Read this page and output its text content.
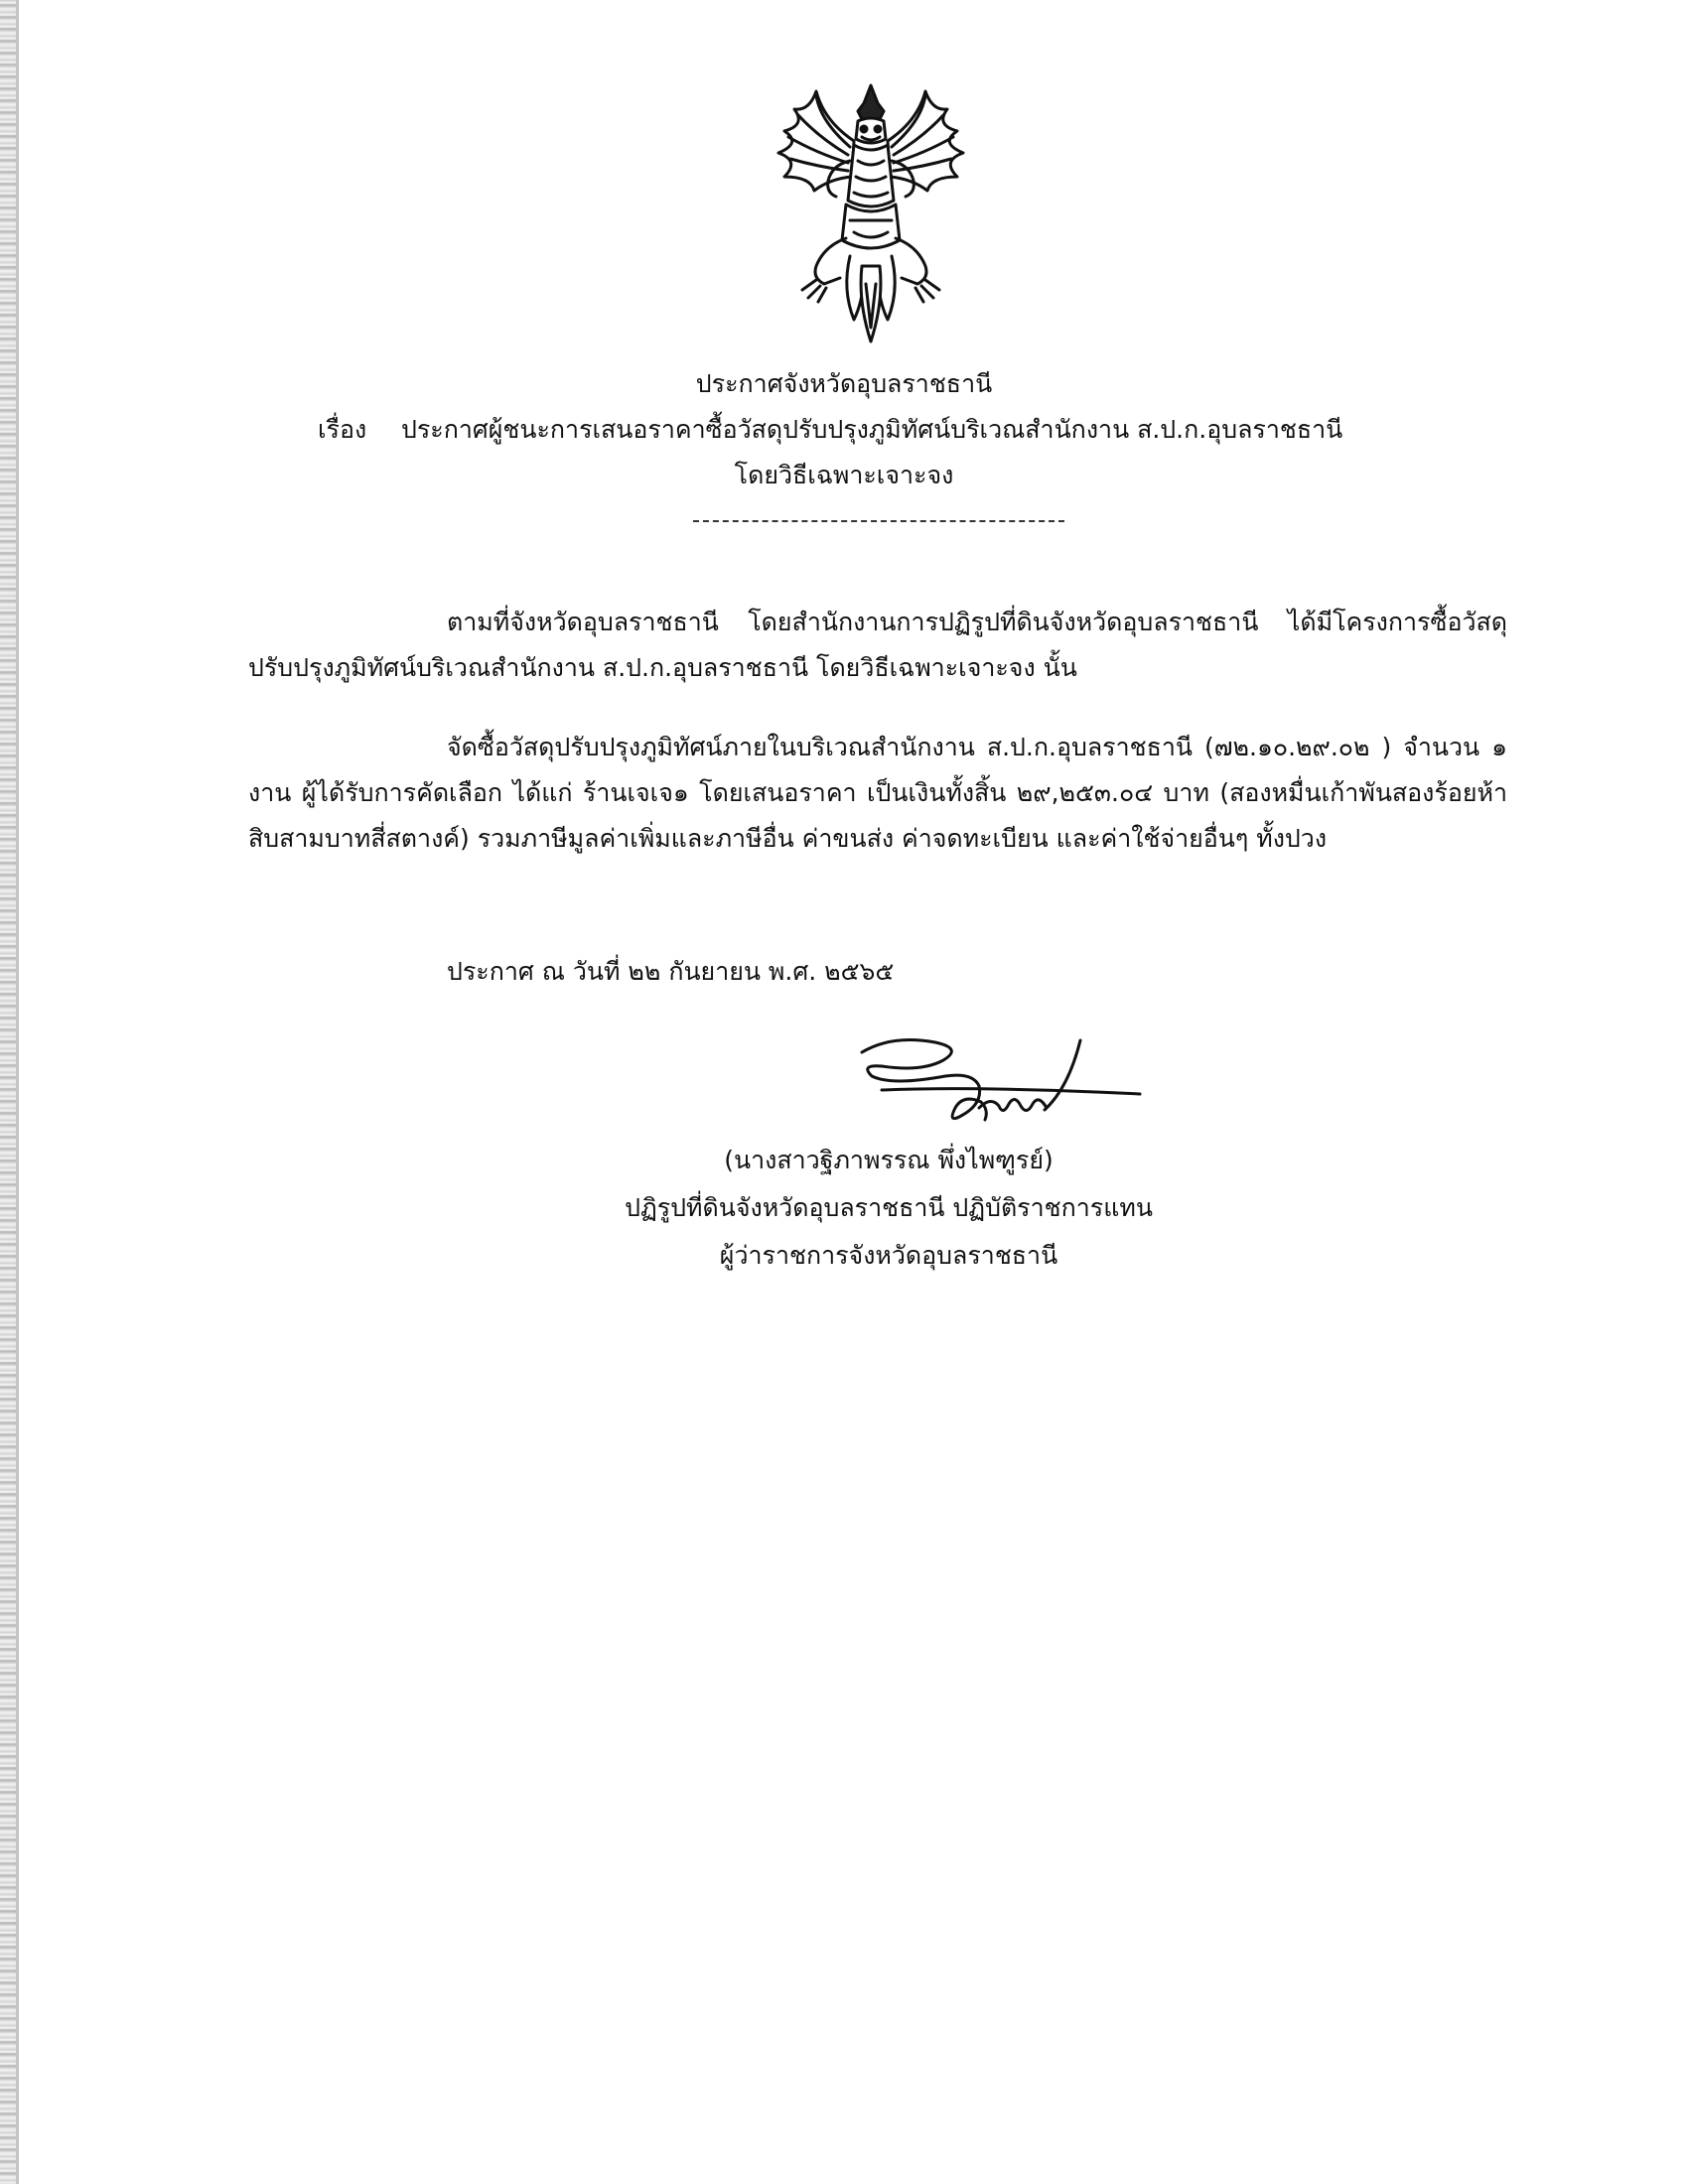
ประกาศจังหวัดอุบลราชธานี
เรื่อง ประกาศผู้ชนะการเสนอราคาซื้อวัสดุปรับปรุงภูมิทัศน์บริเวณสำนักงาน ส.ป.ก.อุบลราชธานี
โดยวิธีเฉพาะเจาะจง
ตามที่จังหวัดอุบลราชธานี โดยสำนักงานการปฏิรูปที่ดินจังหวัดอุบลราชธานี ได้มีโครงการซื้อวัสดุปรับปรุงภูมิทัศน์บริเวณสำนักงาน ส.ป.ก.อุบลราชธานี โดยวิธีเฉพาะเจาะจง นั้น
จัดซื้อวัสดุปรับปรุงภูมิทัศน์ภายในบริเวณสำนักงาน ส.ป.ก.อุบลราชธานี (๗๒.๑๐.๒๙.๐๒ ) จำนวน ๑ งาน ผู้ได้รับการคัดเลือก ได้แก่ ร้านเจเจ๑ โดยเสนอราคา เป็นเงินทั้งสิ้น ๒๙,๒๕๓.๐๔ บาท (สองหมื่นเก้าพันสองร้อยห้าสิบสามบาทสี่สตางค์) รวมภาษีมูลค่าเพิ่มและภาษีอื่น ค่าขนส่ง ค่าจดทะเบียน และค่าใช้จ่ายอื่นๆ ทั้งปวง
ประกาศ ณ วันที่ ๒๒ กันยายน พ.ศ. ๒๕๖๕
(นางสาวฐิภาพรรณ พึ่งไพฑูรย์)
ปฏิรูปที่ดินจังหวัดอุบลราชธานี ปฏิบัติราชการแทน
ผู้ว่าราชการจังหวัดอุบลราชธานี
